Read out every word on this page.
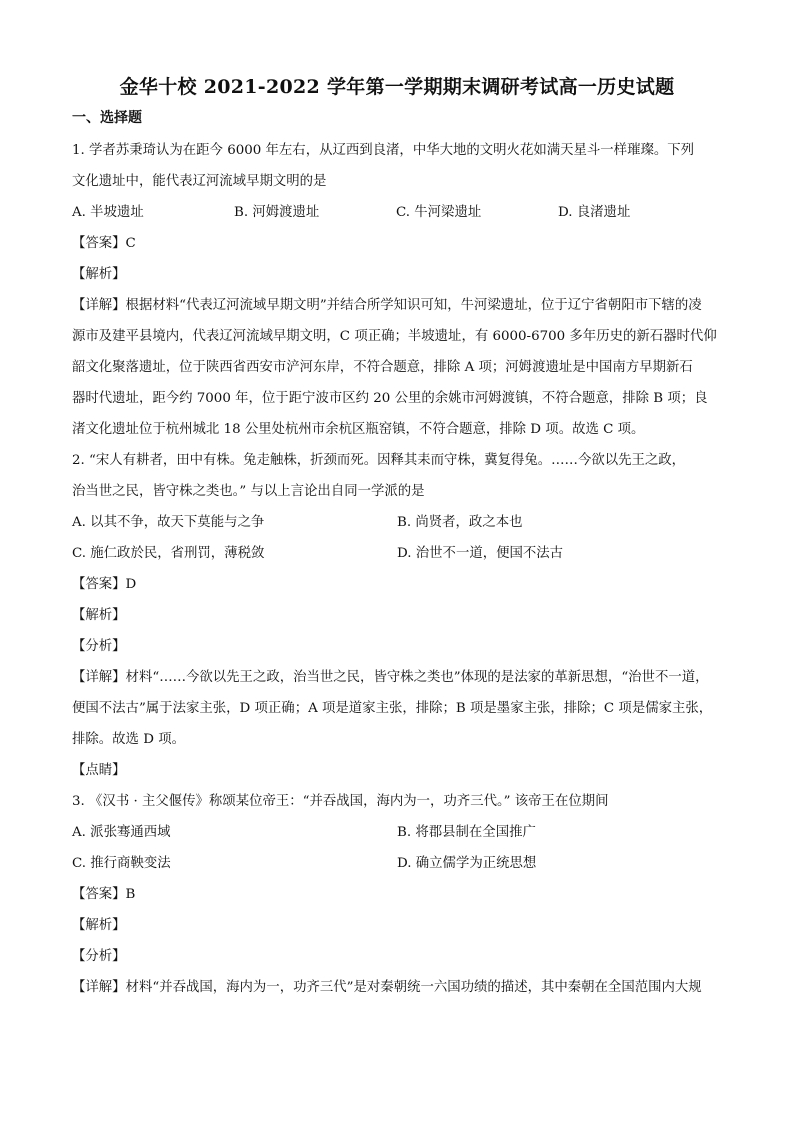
金华十校 2021-2022 学年第一学期期末调研考试高一历史试题
一、选择题

1. 学者苏秉琦认为在距今 6000 年左右，从辽西到良渚，中华大地的文明火花如满天星斗一样璀璨。下列

文化遗址中，能代表辽河流域早期文明的是

A. 半坡遗址	B. 河姆渡遗址	C. 牛河梁遗址	D. 良渚遗址

【答案】C

【解析】

【详解】根据材料“代表辽河流域早期文明”并结合所学知识可知，牛河梁遗址，位于辽宁省朝阳市下辖的凌

源市及建平县境内，代表辽河流域早期文明，C 项正确；半坡遗址，有 6000-6700 多年历史的新石器时代仰

韶文化聚落遗址，位于陕西省西安市浐河东岸，不符合题意，排除 A 项；河姆渡遗址是中国南方早期新石

器时代遗址，距今约 7000 年，位于距宁波市区约 20 公里的余姚市河姆渡镇，不符合题意，排除 B 项；良

渚文化遗址位于杭州城北 18 公里处杭州市余杭区瓶窑镇，不符合题意，排除 D 项。故选 C 项。

2. “宋人有耕者，田中有株。兔走触株，折颈而死。因释其耒而守株，冀复得兔。……今欲以先王之政，

治当世之民，皆守株之类也。” 与以上言论出自同一学派的是

A. 以其不争，故天下莫能与之争	B. 尚贤者，政之本也
C. 施仁政於民，省刑罚，薄税敛	D. 治世不一道，便国不法古

【答案】D

【解析】

【分析】

【详解】材料“……今欲以先王之政，治当世之民，皆守株之类也”体现的是法家的革新思想，“治世不一道，

便国不法古”属于法家主张，D 项正确；A 项是道家主张，排除；B 项是墨家主张，排除；C 项是儒家主张，

排除。故选 D 项。

【点睛】

3. 《汉书 · 主父偃传》称颂某位帝王：“并吞战国，海内为一，功齐三代。” 该帝王在位期间

A. 派张骞通西域	B. 将郡县制在全国推广
C. 推行商鞅变法	D. 确立儒学为正统思想

【答案】B

【解析】

【分析】

【详解】材料“并吞战国，海内为一，功齐三代”是对秦朝统一六国功绩的描述，其中秦朝在全国范围内大规
